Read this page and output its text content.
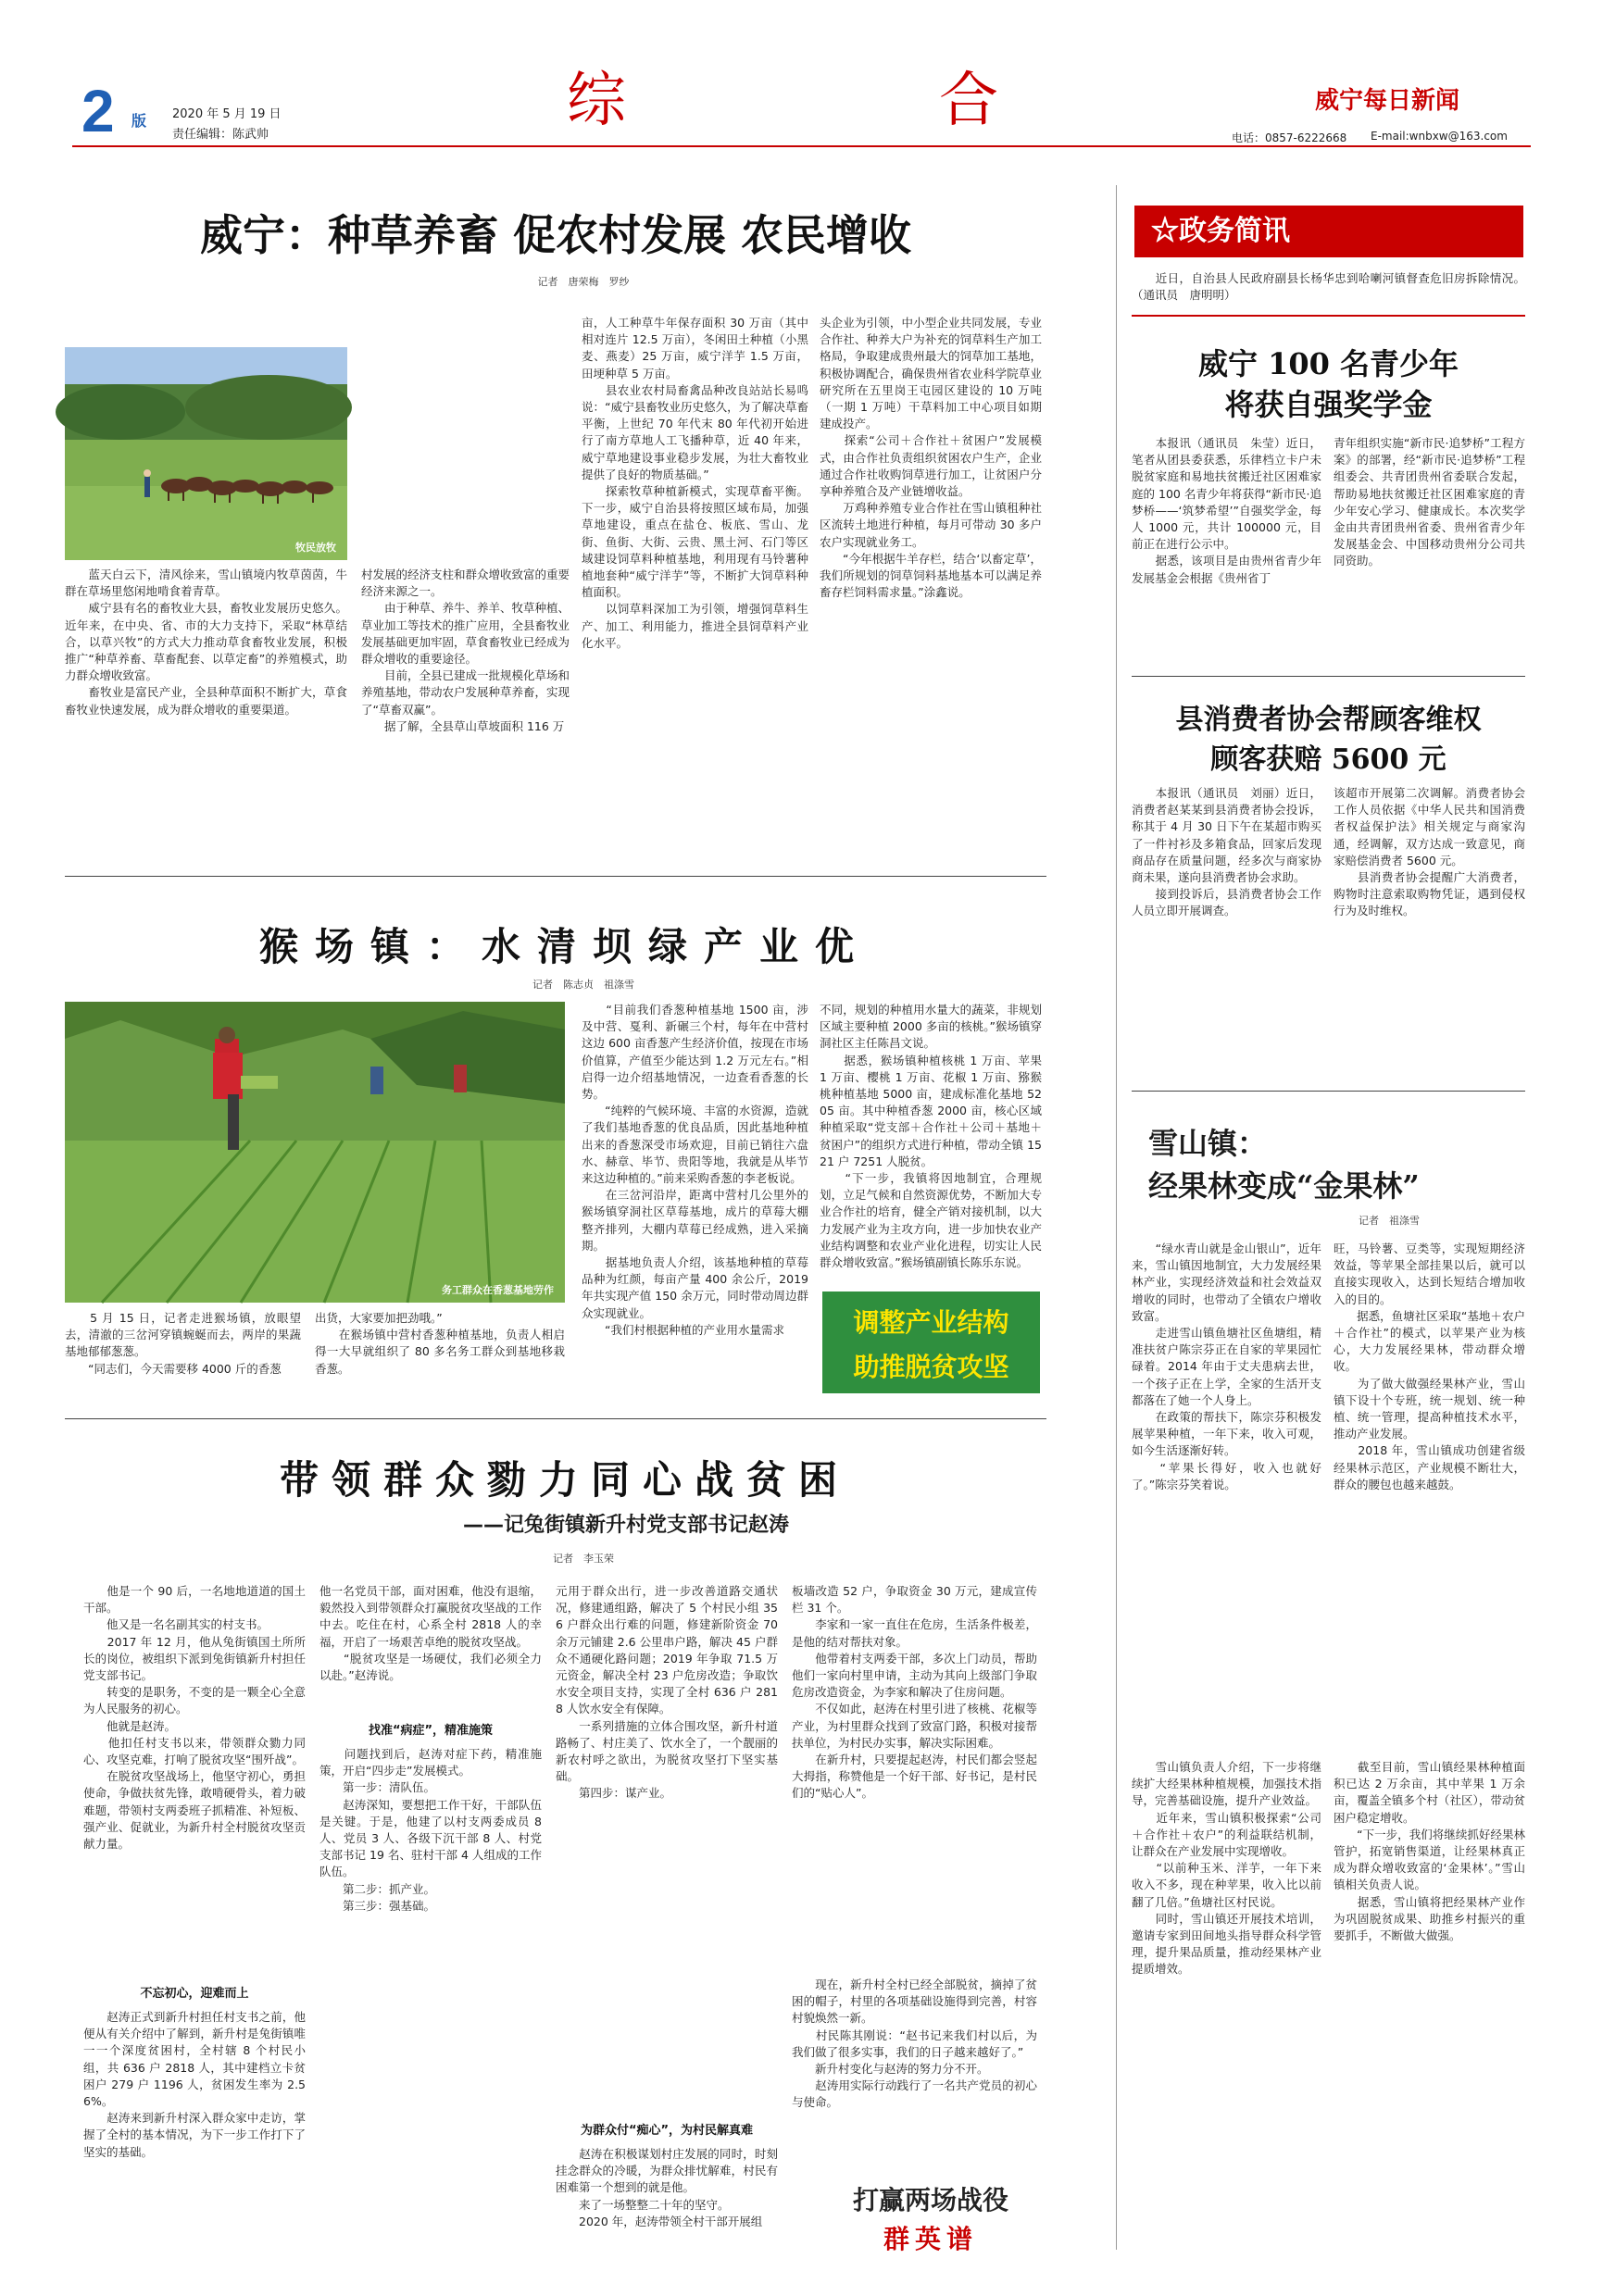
2 版 2020 年 5 月 19 日
责任编辑：陈武帅	综	合	威宁每日新闻
电话：0857-6222668 E-mail:wnbxw@163.com
威宁：种草养畜 促农村发展 农民增收
记者　唐荣梅　罗纱
牧民放牧
　　蓝天白云下，清风徐来，雪山镇境内牧草茵茵，牛群在草场里悠闲地啃食着青草。
　　威宁县有名的畜牧业大县，畜牧业发展历史悠久。近年来，在中央、省、市的大力支持下，采取“林草结合，以草兴牧”的方式大力推动草食畜牧业发展，积极推广“种草养畜、草畜配套、以草定畜”的养殖模式，助力群众增收致富。
　　畜牧业是富民产业，全县种草面积不断扩大，草食畜牧业快速发展，成为群众增收的重要渠道。
村发展的经济支柱和群众增收致富的重要经济来源之一。
　　由于种草、养牛、养羊、牧草种植、草业加工等技术的推广应用，全县畜牧业发展基础更加牢固，草食畜牧业已经成为群众增收的重要途径。
　　目前，全县已建成一批规模化草场和养殖基地，带动农户发展种草养畜，实现了“草畜双赢”。
　　据了解，全县草山草坡面积 116 万
亩，人工种草牛年保存面积 30 万亩（其中相对连片 12.5 万亩），冬闲田土种植（小黑麦、燕麦）25 万亩，威宁洋芋 1.5 万亩，田埂种草 5 万亩。
　　县农业农村局畜禽品种改良站站长易鸣说：“威宁县畜牧业历史悠久，为了解决草畜平衡，上世纪 70 年代末 80 年代初开始进行了南方草地人工飞播种草，近 40 年来，威宁草地建设事业稳步发展，为壮大畜牧业提供了良好的物质基础。”
　　探索牧草种植新模式，实现草畜平衡。下一步，威宁自治县将按照区域布局，加强草地建设，重点在盐仓、板底、雪山、龙街、鱼街、大街、云贵、黑土河、石门等区域建设饲草料种植基地，利用现有马铃薯种植地套种“威宁洋芋”等，不断扩大饲草料种植面积。
　　以饲草料深加工为引领，增强饲草料生产、加工、利用能力，推进全县饲草料产业化水平。
头企业为引领，中小型企业共同发展，专业合作社、种养大户为补充的饲草料生产加工格局，争取建成贵州最大的饲草加工基地，积极协调配合，确保贵州省农业科学院草业研究所在五里岗王屯园区建设的 10 万吨（一期 1 万吨）干草料加工中心项目如期建成投产。
　　探索“公司＋合作社＋贫困户”发展模式，由合作社负责组织贫困农户生产，企业通过合作社收购饲草进行加工，让贫困户分享种养殖合及产业链增收益。
　　万鸡种养殖专业合作社在雪山镇租种社区流转土地进行种植，每月可带动 30 多户农户实现就业务工。
　　“今年根据牛羊存栏，结合‘以畜定草’，我们所规划的饲草饲料基地基本可以满足养畜存栏饲料需求量。”涂鑫说。
☆政务简讯
　　近日，自治县人民政府副县长杨华忠到哈喇河镇督查危旧房拆除情况。（通讯员　唐明明）
威宁 100 名青少年
将获自强奖学金
　　本报讯（通讯员　朱莹）近日，笔者从团县委获悉，乐律档立卡户未脱贫家庭和易地扶贫搬迁社区困难家庭的 100 名青少年将获得“新市民·追梦桥——‘筑梦希望’”自强奖学金，每人 1000 元，共计 100000 元，目前正在进行公示中。
　　据悉，该项目是由贵州省青少年发展基金会根据《贵州省丁
青年组织实施“新市民·追梦桥”工程方案》的部署，经“新市民·追梦桥”工程组委会、共青团贵州省委联合发起，帮助易地扶贫搬迁社区困难家庭的青少年安心学习、健康成长。本次奖学金由共青团贵州省委、贵州省青少年发展基金会、中国移动贵州分公司共同资助。
县消费者协会帮顾客维权
顾客获赔 5600 元
　　本报讯（通讯员　刘丽）近日，消费者赵某某到县消费者协会投诉，称其于 4 月 30 日下午在某超市购买了一件衬衫及多箱食品，回家后发现商品存在质量问题，经多次与商家协商未果，遂向县消费者协会求助。
　　接到投诉后，县消费者协会工作人员立即开展调查。
该超市开展第二次调解。消费者协会工作人员依据《中华人民共和国消费者权益保护法》相关规定与商家沟通，经调解，双方达成一致意见，商家赔偿消费者 5600 元。
　　县消费者协会提醒广大消费者，购物时注意索取购物凭证，遇到侵权行为及时维权。
雪山镇：
经果林变成“金果林”
记者　祖涤雪
　　“绿水青山就是金山银山”，近年来，雪山镇因地制宜，大力发展经果林产业，实现经济效益和社会效益双增收的同时，也带动了全镇农户增收致富。
　　走进雪山镇鱼塘社区鱼塘组，精准扶贫户陈宗芬正在自家的苹果园忙碌着。2014 年由于丈夫患病去世，一个孩子正在上学，全家的生活开支都落在了她一个人身上。
　　在政策的帮扶下，陈宗芬积极发展苹果种植，一年下来，收入可观，如今生活逐渐好转。
　　“苹果长得好，收入也就好了。”陈宗芬笑着说。
旺，马铃薯、豆类等，实现短期经济效益，等苹果全部挂果以后，就可以直接实现收入，达到长短结合增加收入的目的。
　　据悉，鱼塘社区采取“基地＋农户＋合作社”的模式，以苹果产业为核心，大力发展经果林，带动群众增收。
　　为了做大做强经果林产业，雪山镇下设十个专班，统一规划、统一种植、统一管理，提高种植技术水平，推动产业发展。
　　2018 年，雪山镇成功创建省级经果林示范区，产业规模不断壮大，群众的腰包也越来越鼓。
　　雪山镇负责人介绍，下一步将继续扩大经果林种植规模，加强技术指导，完善基础设施，提升产业效益。
　　近年来，雪山镇积极探索“公司＋合作社＋农户”的利益联结机制，让群众在产业发展中实现增收。
　　“以前种玉米、洋芋，一年下来收入不多，现在种苹果，收入比以前翻了几倍。”鱼塘社区村民说。
　　同时，雪山镇还开展技术培训，邀请专家到田间地头指导群众科学管理，提升果品质量，推动经果林产业提质增效。
　　截至目前，雪山镇经果林种植面积已达 2 万余亩，其中苹果 1 万余亩，覆盖全镇多个村（社区），带动贫困户稳定增收。
　　“下一步，我们将继续抓好经果林管护，拓宽销售渠道，让经果林真正成为群众增收致富的‘金果林’。”雪山镇相关负责人说。
　　据悉，雪山镇将把经果林产业作为巩固脱贫成果、助推乡村振兴的重要抓手，不断做大做强。
猴场镇：水清坝绿产业优
记者　陈志贞　祖涤雪
务工群众在香葱基地劳作
　　5 月 15 日，记者走进猴场镇，放眼望去，清澈的三岔河穿镇蜿蜒而去，两岸的果蔬基地郁郁葱葱。
　　“同志们，今天需要移 4000 斤的香葱
出货，大家要加把劲哦。”
　　在猴场镇中营村香葱种植基地，负责人相启得一大早就组织了 80 多名务工群众到基地移栽香葱。
　　“目前我们香葱种植基地 1500 亩，涉及中营、戛利、新碾三个村，每年在中营村这边 600 亩香葱产生经济价值，按现在市场价值算，产值至少能达到 1.2 万元左右。”相启得一边介绍基地情况，一边查看香葱的长势。
　　“纯粹的气候环境、丰富的水资源，造就了我们基地香葱的优良品质，因此基地种植出来的香葱深受市场欢迎，目前已销往六盘水、赫章、毕节、贵阳等地，我就是从毕节来这边种植的。”前来采购香葱的李老板说。
　　在三岔河沿岸，距离中营村几公里外的猴场镇穿洞社区草莓基地，成片的草莓大棚整齐排列，大棚内草莓已经成熟，进入采摘期。
　　据基地负责人介绍，该基地种植的草莓品种为红颜，每亩产量 400 余公斤，2019 年共实现产值 150 余万元，同时带动周边群众实现就业。
　　“我们村根据种植的产业用水量需求
不同，规划的种植用水量大的蔬菜，非规划区域主要种植 2000 多亩的核桃。”猴场镇穿洞社区主任陈昌文说。
　　据悉，猴场镇种植核桃 1 万亩、苹果 1 万亩、樱桃 1 万亩、花椒 1 万亩、猕猴桃种植基地 5000 亩，建成标准化基地 5205 亩。其中种植香葱 2000 亩，核心区域种植采取“党支部＋合作社＋公司＋基地＋贫困户”的组织方式进行种植，带动全镇 1521 户 7251 人脱贫。
　　“下一步，我镇将因地制宜，合理规划，立足气候和自然资源优势，不断加大专业合作社的培育，健全产销对接机制，以大力发展产业为主攻方向，进一步加快农业产业结构调整和农业产业化进程，切实让人民群众增收致富。”猴场镇副镇长陈乐东说。
调整产业结构
助推脱贫攻坚
带领群众勠力同心战贫困
——记兔街镇新升村党支部书记赵涛
记者　李玉荣
　　他是一个 90 后，一名地地道道的国土干部。
　　他又是一名名副其实的村支书。
　　2017 年 12 月，他从兔街镇国土所所长的岗位，被组织下派到兔街镇新升村担任党支部书记。
　　转变的是职务，不变的是一颗全心全意为人民服务的初心。
　　他就是赵涛。
　　他扣任村支书以来，带领群众勠力同心、攻坚克难，打响了脱贫攻坚“围歼战”。
　　在脱贫攻坚战场上，他坚守初心，勇担使命，争做扶贫先锋，敢啃硬骨头，着力破难题，带领村支两委班子抓精准、补短板、强产业、促就业，为新升村全村脱贫攻坚贡献力量。
不忘初心，迎难而上
　　赵涛正式到新升村担任村支书之前，他便从有关介绍中了解到，新升村是兔街镇唯一一个深度贫困村，全村辖 8 个村民小组，共 636 户 2818 人，其中建档立卡贫困户 279 户 1196 人，贫困发生率为 2.56%。
　　赵涛来到新升村深入群众家中走访，掌握了全村的基本情况，为下一步工作打下了坚实的基础。
他一名党员干部，面对困难，他没有退缩，毅然投入到带领群众打赢脱贫攻坚战的工作中去。吃住在村，心系全村 2818 人的幸福，开启了一场艰苦卓绝的脱贫攻坚战。
　　“脱贫攻坚是一场硬仗，我们必须全力以赴。”赵涛说。
找准“病症”，精准施策
　　问题找到后，赵涛对症下药，精准施策，开启“四步走”发展模式。
　　第一步：清队伍。
　　赵涛深知，要想把工作干好，干部队伍是关键。于是，他建了以村支两委成员 8 人、党员 3 人、各级下沉干部 8 人、村党支部书记 19 名、驻村干部 4 人组成的工作队伍。
　　第二步：抓产业。
　　第三步：强基础。
元用于群众出行，进一步改善道路交通状况，修建通组路，解决了 5 个村民小组 356 户群众出行难的问题，修建新阶资金 70 余万元铺建 2.6 公里串户路，解决 45 户群众不通硬化路问题；2019 年争取 71.5 万元资金，解决全村 23 户危房改造；争取饮水安全项目支持，实现了全村 636 户 2818 人饮水安全有保障。
　　一系列措施的立体合围攻坚，新升村道路畅了、村庄美了、饮水全了，一个靓丽的新农村呼之欲出，为脱贫攻坚打下坚实基础。
　　第四步：谋产业。
为群众付“痴心”，为村民解真难
　　赵涛在积极谋划村庄发展的同时，时刻挂念群众的冷暖，为群众排忧解难，村民有困难第一个想到的就是他。
　　来了一场整整二十年的坚守。
　　2020 年，赵涛带领全村干部开展组
板墙改造 52 户，争取资金 30 万元，建成宣传栏 31 个。
　　李家和一家一直住在危房，生活条件极差，是他的结对帮扶对象。
　　他带着村支两委干部，多次上门动员，帮助他们一家向村里申请，主动为其向上级部门争取危房改造资金，为李家和解决了住房问题。
　　不仅如此，赵涛在村里引进了核桃、花椒等产业，为村里群众找到了致富门路，积极对接帮扶单位，为村民办实事，解决实际困难。
　　在新升村，只要提起赵涛，村民们都会竖起大拇指，称赞他是一个好干部、好书记，是村民们的“贴心人”。
　　现在，新升村全村已经全部脱贫，摘掉了贫困的帽子，村里的各项基础设施得到完善，村容村貌焕然一新。
　　村民陈其刚说：“赵书记来我们村以后，为我们做了很多实事，我们的日子越来越好了。”
　　新升村变化与赵涛的努力分不开。
　　赵涛用实际行动践行了一名共产党员的初心与使命。
打赢两场战役
群英谱
